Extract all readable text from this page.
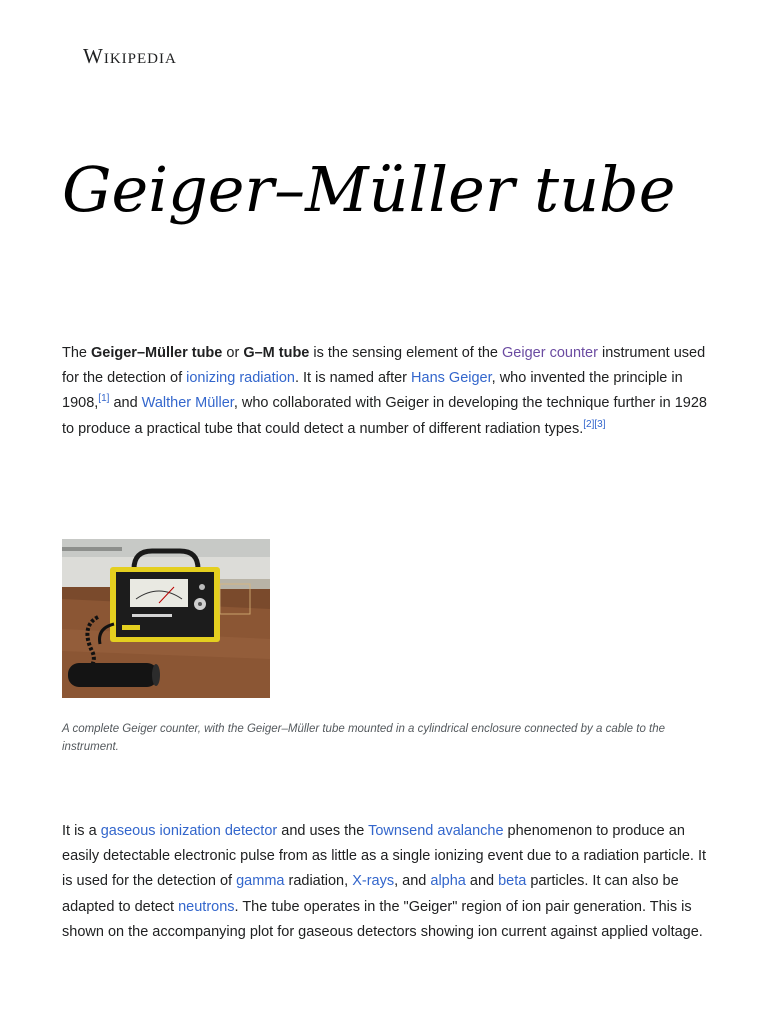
Wikipedia
Geiger–Müller tube

The Geiger–Müller tube or G–M tube is the sensing element of the Geiger counter instrument used for the detection of ionizing radiation. It is named after Hans Geiger, who invented the principle in 1908,[1] and Walther Müller, who collaborated with Geiger in developing the technique further in 1928 to produce a practical tube that could detect a number of different radiation types.[2][3]

A complete Geiger counter, with the Geiger–Müller tube mounted in a cylindrical enclosure connected by a cable to the instrument.

It is a gaseous ionization detector and uses the Townsend avalanche phenomenon to produce an easily detectable electronic pulse from as little as a single ionizing event due to a radiation particle. It is used for the detection of gamma radiation, X-rays, and alpha and beta particles. It can also be adapted to detect neutrons. The tube operates in the "Geiger" region of ion pair generation. This is shown on the accompanying plot for gaseous detectors showing ion current against applied voltage.
